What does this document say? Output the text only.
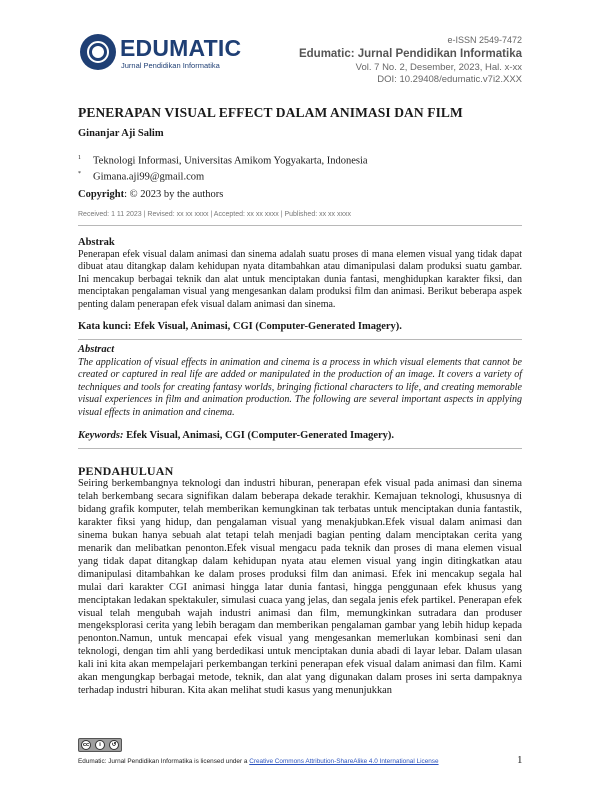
EDUMATIC
Jurnal Pendidikan Informatika
e-ISSN 2549-7472
Edumatic: Jurnal Pendidikan Informatika
Vol. 7 No. 2, Desember, 2023, Hal. x-xx
DOI: 10.29408/edumatic.v7i2.XXX
PENERAPAN VISUAL EFFECT DALAM ANIMASI DAN FILM
Ginanjar Aji Salim
$^1$ Teknologi Informasi, Universitas Amikom Yogyakarta, Indonesia
* Gimana.aji99@gmail.com
Copyright: © 2023 by the authors
Received: 1 11 2023 | Revised: xx xx xxxx | Accepted: xx xx xxxx | Published: xx xx xxxx
Abstrak
Penerapan efek visual dalam animasi dan sinema adalah suatu proses di mana elemen visual yang tidak dapat dibuat atau ditangkap dalam kehidupan nyata ditambahkan atau dimanipulasi dalam produksi suatu gambar. Ini mencakup berbagai teknik dan alat untuk menciptakan dunia fantasi, menghidupkan karakter fiksi, dan menciptakan pengalaman visual yang mengesankan dalam produksi film dan animasi. Berikut beberapa aspek penting dalam penerapan efek visual dalam animasi dan sinema.
Kata kunci: Efek Visual, Animasi, CGI (Computer-Generated Imagery).
Abstract
The application of visual effects in animation and cinema is a process in which visual elements that cannot be created or captured in real life are added or manipulated in the production of an image. It covers a variety of techniques and tools for creating fantasy worlds, bringing fictional characters to life, and creating memorable visual experiences in film and animation production. The following are several important aspects in applying visual effects in animation and cinema.
Keywords: Efek Visual, Animasi, CGI (Computer-Generated Imagery).
PENDAHULUAN
Seiring berkembangnya teknologi dan industri hiburan, penerapan efek visual pada animasi dan sinema telah berkembang secara signifikan dalam beberapa dekade terakhir. Kemajuan teknologi, khususnya di bidang grafik komputer, telah memberikan kemungkinan tak terbatas untuk menciptakan dunia fantastik, karakter fiksi yang hidup, dan pengalaman visual yang menakjubkan.Efek visual dalam animasi dan sinema bukan hanya sebuah alat tetapi telah menjadi bagian penting dalam menciptakan cerita yang menarik dan melibatkan penonton.Efek visual mengacu pada teknik dan proses di mana elemen visual yang tidak dapat ditangkap dalam kehidupan nyata atau elemen visual yang ingin ditingkatkan atau dimanipulasi ditambahkan ke dalam proses produksi film dan animasi. Efek ini mencakup segala hal mulai dari karakter CGI animasi hingga latar dunia fantasi, hingga penggunaan efek khusus yang menciptakan ledakan spektakuler, simulasi cuaca yang jelas, dan segala jenis efek partikel. Penerapan efek visual telah mengubah wajah industri animasi dan film, memungkinkan sutradara dan produser mengeksplorasi cerita yang lebih beragam dan memberikan pengalaman gambar yang lebih hidup kepada penonton.Namun, untuk mencapai efek visual yang mengesankan memerlukan kombinasi seni dan teknologi, dengan tim ahli yang berdedikasi untuk menciptakan dunia abadi di layar lebar. Dalam ulasan kali ini kita akan mempelajari perkembangan terkini penerapan efek visual dalam animasi dan film. Kami akan mengungkap berbagai metode, teknik, dan alat yang digunakan dalam proses ini serta dampaknya terhadap industri hiburan. Kita akan melihat studi kasus yang menunjukkan
cc	i	↺
Edumatic: Jurnal Pendidikan Informatika is licensed under a Creative Commons Attribution-ShareAlike 4.0 International License	1
